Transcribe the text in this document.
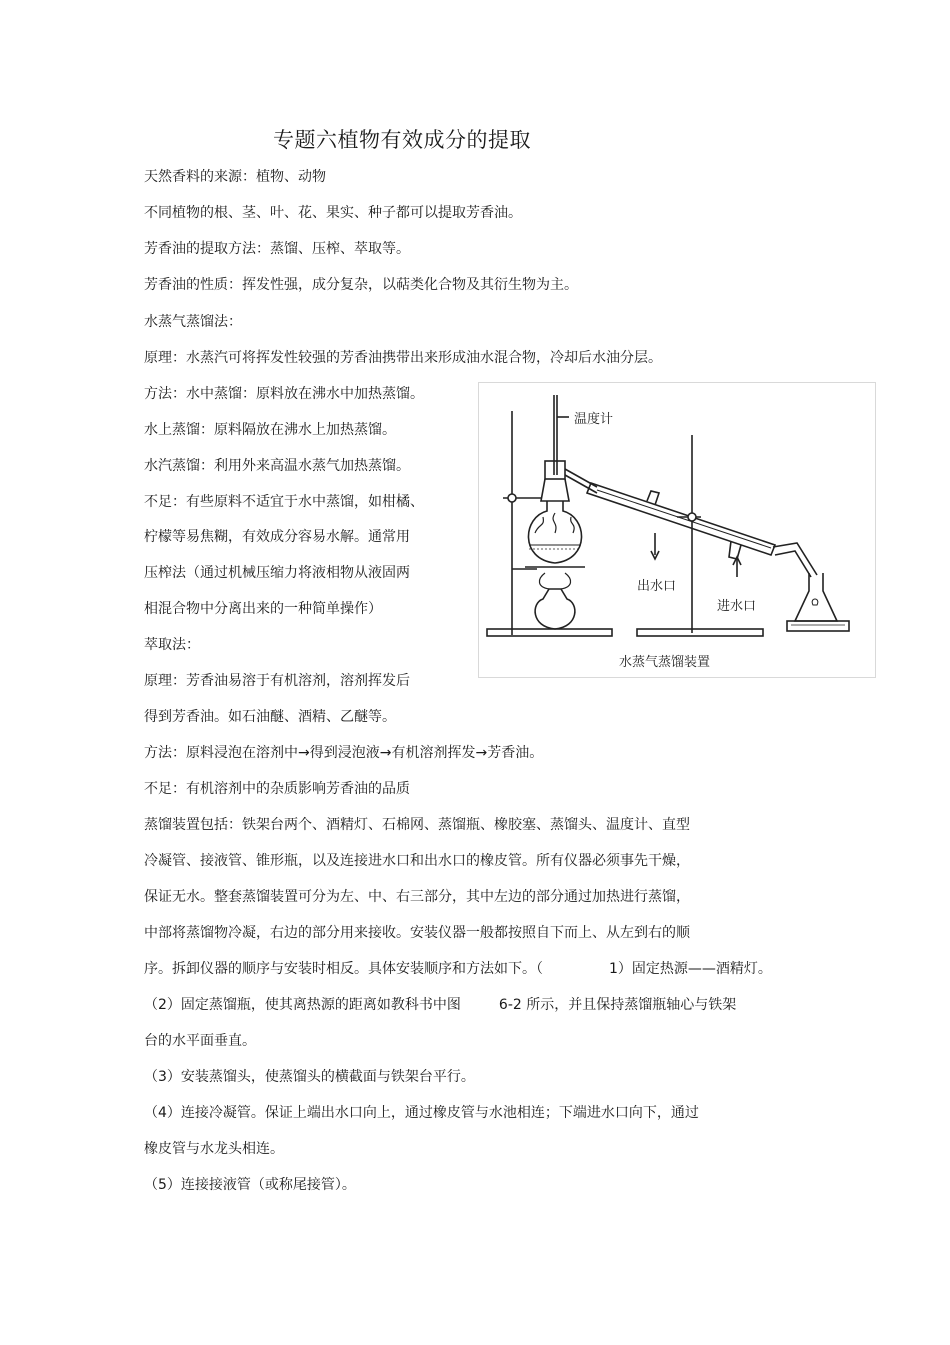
专题六植物有效成分的提取
天然香料的来源：植物、动物
不同植物的根、茎、叶、花、果实、种子都可以提取芳香油。
芳香油的提取方法：蒸馏、压榨、萃取等。
芳香油的性质：挥发性强，成分复杂，以萜类化合物及其衍生物为主。
水蒸气蒸馏法：
原理：水蒸汽可将挥发性较强的芳香油携带出来形成油水混合物，冷却后水油分层。
方法：水中蒸馏：原料放在沸水中加热蒸馏。
水上蒸馏：原料隔放在沸水上加热蒸馏。
水汽蒸馏：利用外来高温水蒸气加热蒸馏。
不足：有些原料不适宜于水中蒸馏，如柑橘、
柠檬等易焦糊，有效成分容易水解。通常用
压榨法（通过机械压缩力将液相物从液固两
相混合物中分离出来的一种简单操作）
萃取法：
原理：芳香油易溶于有机溶剂，溶剂挥发后
得到芳香油。如石油醚、酒精、乙醚等。
方法：原料浸泡在溶剂中→得到浸泡液→有机溶剂挥发→芳香油。
不足：有机溶剂中的杂质影响芳香油的品质
蒸馏装置包括：铁架台两个、酒精灯、石棉网、蒸馏瓶、橡胶塞、蒸馏头、温度计、直型
冷凝管、接液管、锥形瓶，以及连接进水口和出水口的橡皮管。所有仪器必须事先干燥，
保证无水。整套蒸馏装置可分为左、中、右三部分，其中左边的部分通过加热进行蒸馏，
中部将蒸馏物冷凝，右边的部分用来接收。安装仪器一般都按照自下而上、从左到右的顺
序。拆卸仪器的顺序与安装时相反。具体安装顺序和方法如下。（	1）固定热源——酒精灯。
（2）固定蒸馏瓶，使其离热源的距离如教科书中图	6-2 所示，并且保持蒸馏瓶轴心与铁架
台的水平面垂直。
（3）安装蒸馏头，使蒸馏头的横截面与铁架台平行。
（4）连接冷凝管。保证上端出水口向上，通过橡皮管与水池相连；下端进水口向下，通过
橡皮管与水龙头相连。
（5）连接接液管（或称尾接管）。
温度计
出水口
进水口
水蒸气蒸馏装置
